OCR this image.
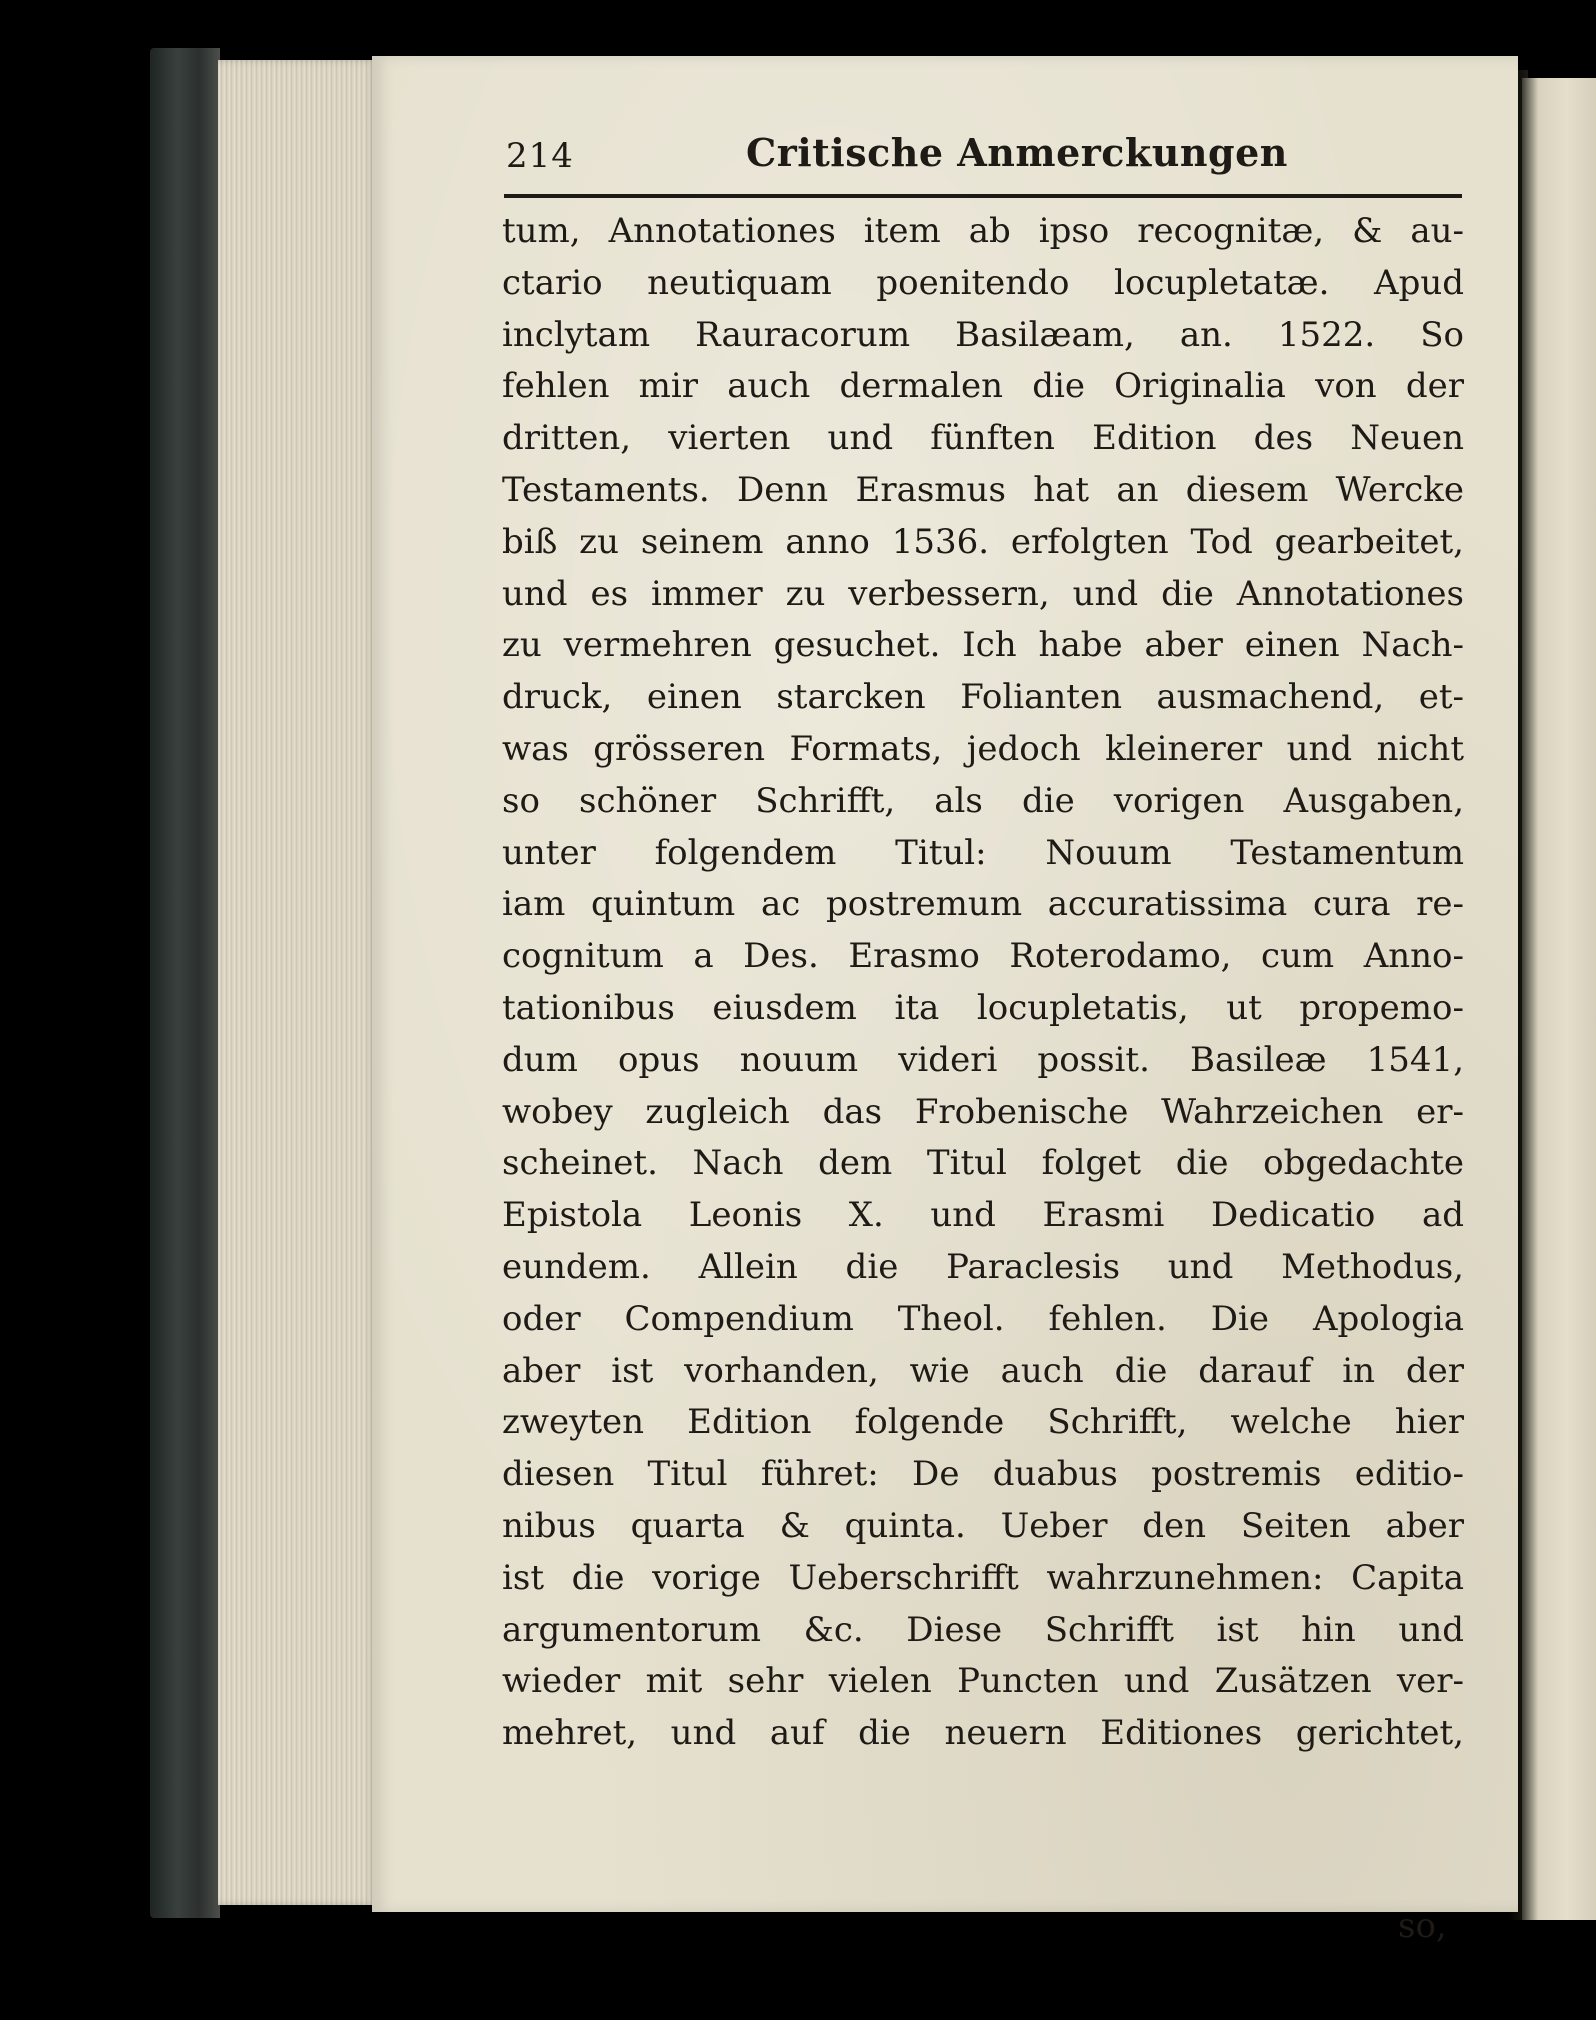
214	Critische Anmerckungen
tum, Annotationes item ab ipso recognitæ, & au-
ctario neutiquam poenitendo locupletatæ. Apud
inclytam Rauracorum Basilæam, an. 1522. So
fehlen mir auch dermalen die Originalia von der
dritten, vierten und fünften Edition des Neuen
Testaments. Denn Erasmus hat an diesem Wercke
biß zu seinem anno 1536. erfolgten Tod gearbeitet,
und es immer zu verbessern, und die Annotationes
zu vermehren gesuchet. Ich habe aber einen Nach-
druck, einen starcken Folianten ausmachend, et-
was grösseren Formats, jedoch kleinerer und nicht
so schöner Schrifft, als die vorigen Ausgaben,
unter folgendem Titul: Nouum Testamentum
iam quintum ac postremum accuratissima cura re-
cognitum a Des. Erasmo Roterodamo, cum Anno-
tationibus eiusdem ita locupletatis, ut propemo-
dum opus nouum videri possit. Basileæ 1541,
wobey zugleich das Frobenische Wahrzeichen er-
scheinet. Nach dem Titul folget die obgedachte
Epistola Leonis X. und Erasmi Dedicatio ad
eundem. Allein die Paraclesis und Methodus,
oder Compendium Theol. fehlen. Die Apologia
aber ist vorhanden, wie auch die darauf in der
zweyten Edition folgende Schrifft, welche hier
diesen Titul führet: De duabus postremis editio-
nibus quarta & quinta. Ueber den Seiten aber
ist die vorige Ueberschrifft wahrzunehmen: Capita
argumentorum &c. Diese Schrifft ist hin und
wieder mit sehr vielen Puncten und Zusätzen ver-
mehret, und auf die neuern Editiones gerichtet,
so,
